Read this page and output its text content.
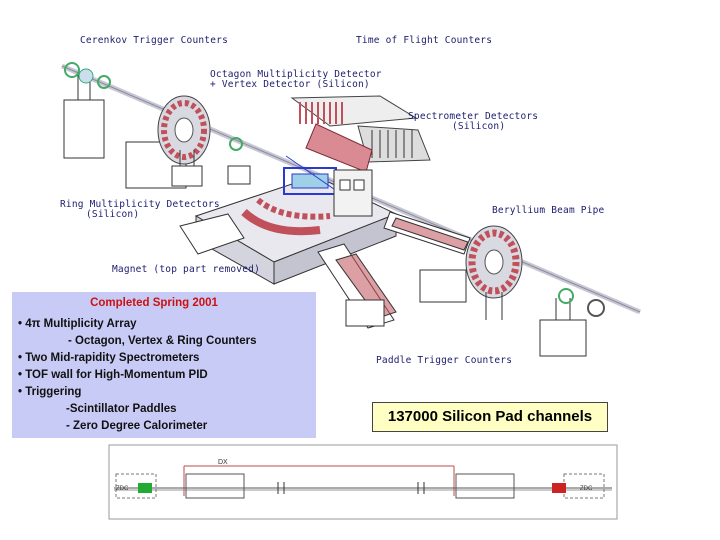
Cerenkov Trigger Counters	Time of Flight Counters
Octagon Multiplicity Detector
+ Vertex Detector (Silicon)
Spectrometer Detectors
(Silicon)
Ring Multiplicity Detectors
(Silicon)	Beryllium Beam Pipe
Magnet (top part removed)
Paddle Trigger Counters
Completed Spring 2001
• 4π Multiplicity Array
- Octagon, Vertex & Ring Counters
• Two Mid-rapidity Spectrometers
• TOF wall for High-Momentum PID
• Triggering
-Scintillator Paddles
- Zero Degree Calorimeter
137000 Silicon Pad channels
DX
ZDC	ZDC
